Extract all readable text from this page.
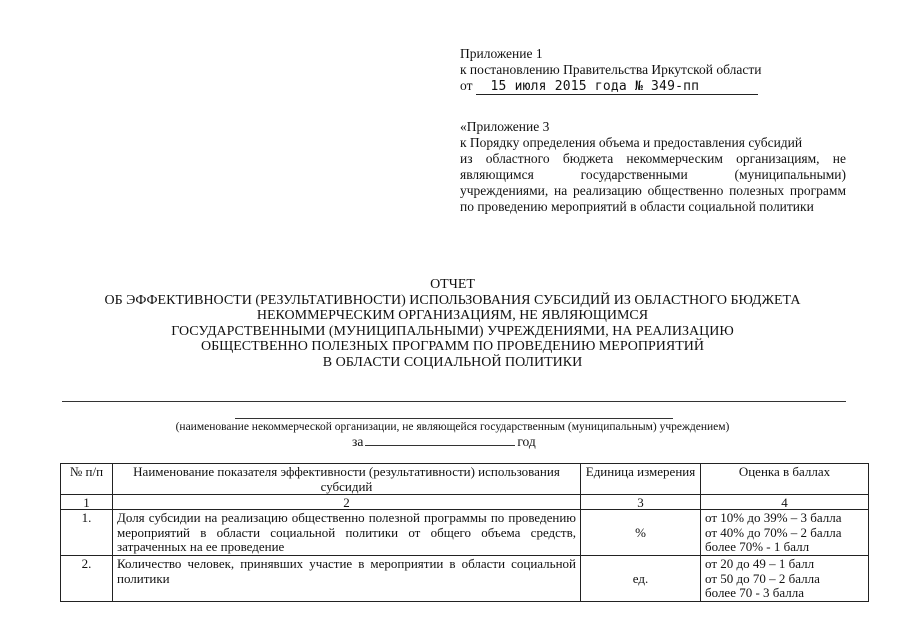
Приложение 1
к постановлению Правительства Иркутской области
от 15 июля 2015 года № 349-пп
«Приложение 3
к Порядку определения объема и предоставления субсидий
из областного бюджета некоммерческим организациям, не являющимся государственными (муниципальными) учреждениями, на реализацию общественно полезных программ по проведению мероприятий в области социальной политики
ОТЧЕТ
ОБ ЭФФЕКТИВНОСТИ (РЕЗУЛЬТАТИВНОСТИ) ИСПОЛЬЗОВАНИЯ СУБСИДИЙ ИЗ ОБЛАСТНОГО БЮДЖЕТА
НЕКОММЕРЧЕСКИМ ОРГАНИЗАЦИЯМ, НЕ ЯВЛЯЮЩИМСЯ
ГОСУДАРСТВЕННЫМИ (МУНИЦИПАЛЬНЫМИ) УЧРЕЖДЕНИЯМИ, НА РЕАЛИЗАЦИЮ
ОБЩЕСТВЕННО ПОЛЕЗНЫХ ПРОГРАММ ПО ПРОВЕДЕНИЮ МЕРОПРИЯТИЙ
В ОБЛАСТИ СОЦИАЛЬНОЙ ПОЛИТИКИ
(наименование некоммерческой организации, не являющейся государственным (муниципальным) учреждением)
за	год
№ п/п	Наименование показателя эффективности (результативности) использования субсидий	Единица измерения	Оценка в баллах
1	2	3	4
1.	Доля субсидии на реализацию общественно полезной программы по проведению мероприятий в области социальной политики от общего объема средств, затраченных на ее проведение	%	от 10% до 39% – 3 балла
от 40% до 70% – 2 балла
более 70% - 1 балл

2.	Количество человек, принявших участие в мероприятии в области социальной политики	ед.	от 20 до 49 – 1 балл
от 50 до 70 – 2 балла
более 70 - 3 балла
